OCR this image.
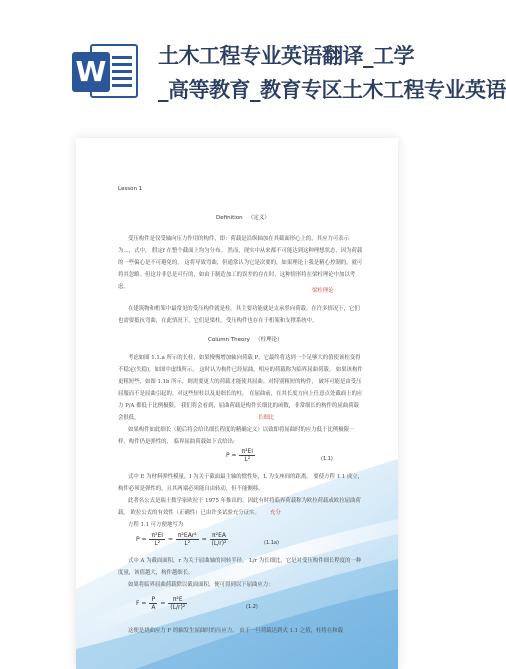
W 土木工程专业英语翻译_工学
_高等教育_教育专区土木工程专业英语
Lesson 1
Definition （定义）

受压构件是仅受轴向压力作用的构件，即：荷载是沿纵轴加在其截面形心上的，其应力可表示为…，式中， 假定f 在整个截面上均匀分布。 然而，现实中从来都不可能达到这种理想状态，因为荷载的一些偏心是不可避免的。 这将导致弯曲，但通常认为它是次要的，如果理论上我是精心控制的，就可将其忽略。但这并非总是可行的，如由于制造加工的误差的存在时，这种情形将在梁柱理论中加以考虑。

梁柱理论

在建筑物和桁架中最常见的受压构件就是柱。其主要功能就是支承竖向荷载。在许多情况下，它们也需要抵抗弯曲，在此情况下，它们是梁柱。受压构件也存在于桁架和支撑系统中。

Column Theory （柱理论）

考虑如图 1.1.a 所示的长柱，如果慢慢增加轴向荷载 P，它最终将达到一个足够大的值使该柱变得不稳定(失稳)。如图中虚线所示， 这时认为构件已经屈曲，相应的荷载称为临界屈曲荷载。 如果该构件更粗短些，如图 1.1b 所示，则需要更大的荷载才能使其屈曲。对特别粗短的构件， 破坏可能是由受压屈服而不是屈曲引起的。对这些短柱以及更细长的柱， 在屈曲前，在其长度方向上任意点处截面上的应力 P/A 都低于比例极限。 我们将会看到，屈曲荷载是构件长细比的函数，非常细长的构件的屈曲荷载会很低。	长细比

如果构件如此细长（随后将会给出细长程度的精确定义）以致即将屈曲时的应力低于比例极限一样，构件仍是弹性的， 临界屈曲荷载如下式给出:

$P = \frac{\text{π²EI}}{\text{L²}}$	(1.1)

式中 E 为材料弹性模量，I 为关于截面最主轴的惯性矩，L 为支座间的距离。 要使方程 1.1 成立，构件必须是弹性的，且其两端必须能自由转动，但不能侧移。

此著名公式是瑞士数学家欧拉于 1975 年推出的。因此有时将临界荷载称为欧拉荷载或欧拉屈曲荷载。 欧拉公式的有效性（正确性）已由许多试验充分证实。	充分

方程 1.1 可方便地写为

$P = \frac{\text{π²EI}}{\text{L²}} = \frac{\text{π²EAr²}}{\text{L²}} = \frac{\text{π²EA}}{\text{(L/r)²}}$	(1.1a)

式中 A 为截面面积，r 为关于屈曲轴的回转半径。 L/r 为长细比，它是对受压构件细长程度的一种度量，该值越大，构件越细长。

如果将临界屈曲荷载除以截面面积，便可得到以下屈曲应力：

$F = \frac{P}{A} = \frac{\text{π²E}}{\text{(L/r)²}}$	(1.2)

这便是挠曲应力 F 的轴发生屈曲时的压应力， 由于一旦荷载达到式 1.1 之值，柱将在和载
